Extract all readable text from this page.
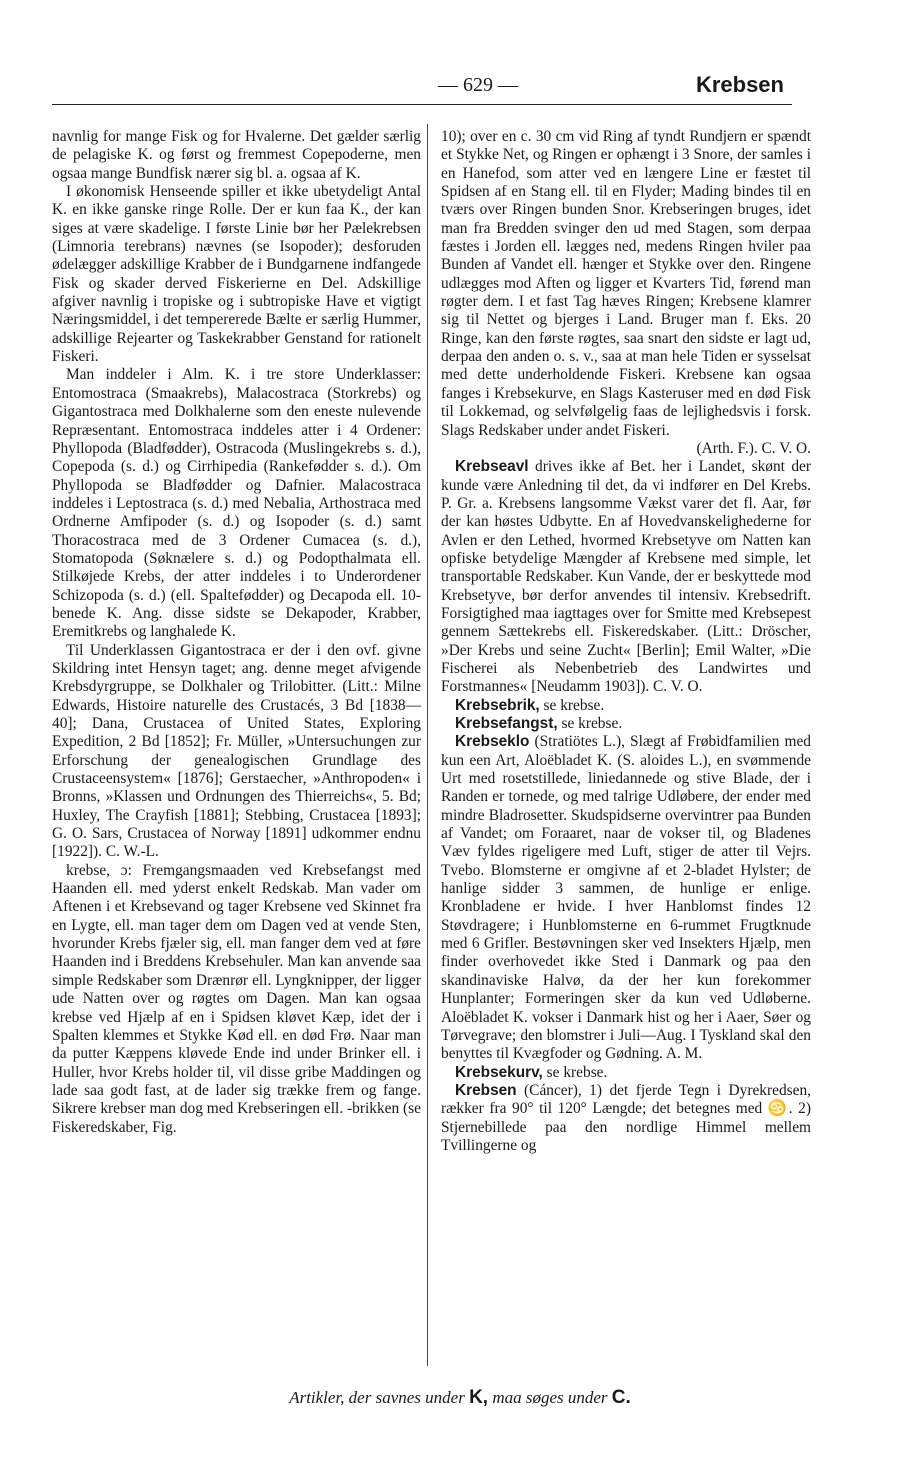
— 629 —	Krebsen

navnlig for mange Fisk og for Hvalerne. Det gælder særlig de pelagiske K. og først og fremmest Copepoderne, men ogsaa mange Bundfisk nærer sig bl. a. ogsaa af K.

I økonomisk Henseende spiller et ikke ubetydeligt Antal K. en ikke ganske ringe Rolle. Der er kun faa K., der kan siges at være skadelige. I første Linie bør her Pælekrebsen (Limnoria terebrans) nævnes (se Isopoder); desforuden ødelægger adskillige Krabber de i Bundgarnene indfangede Fisk og skader derved Fiskerierne en Del. Adskillige afgiver navnlig i tropiske og i subtropiske Have et vigtigt Næringsmiddel, i det tempererede Bælte er særlig Hummer, adskillige Rejearter og Taskekrabber Genstand for rationelt Fiskeri.

Man inddeler i Alm. K. i tre store Underklasser: Entomostraca (Smaakrebs), Malacostraca (Storkrebs) og Gigantostraca med Dolkhalerne som den eneste nulevende Repræsentant. Entomostraca inddeles atter i 4 Ordener: Phyllopoda (Bladfødder), Ostracoda (Muslingekrebs s. d.), Copepoda (s. d.) og Cirrhipedia (Rankefødder s. d.). Om Phyllopoda se Bladfødder og Dafnier. Malacostraca inddeles i Leptostraca (s. d.) med Nebalia, Arthostraca med Ordnerne Amfipoder (s. d.) og Isopoder (s. d.) samt Thoracostraca med de 3 Ordener Cumacea (s. d.), Stomatopoda (Søknælere s. d.) og Podopthalmata ell. Stilkøjede Krebs, der atter inddeles i to Underordener Schizopoda (s. d.) (ell. Spaltefødder) og Decapoda ell. 10-benede K. Ang. disse sidste se Dekapoder, Krabber, Eremitkrebs og langhalede K.

Til Underklassen Gigantostraca er der i den ovf. givne Skildring intet Hensyn taget; ang. denne meget afvigende Krebsdyrgruppe, se Dolkhaler og Trilobitter. (Litt.: Milne Edwards, Histoire naturelle des Crustacés, 3 Bd [1838—40]; Dana, Crustacea of United States, Exploring Expedition, 2 Bd [1852]; Fr. Müller, »Untersuchungen zur Erforschung der genealogischen Grundlage des Crustaceensystem« [1876]; Gerstaecher, »Anthropoden« i Bronns, »Klassen und Ordnungen des Thierreichs«, 5. Bd; Huxley, The Crayfish [1881]; Stebbing, Crustacea [1893]; G. O. Sars, Crustacea of Norway [1891] udkommer endnu [1922]). C. W.-L.

krebse, ɔ: Fremgangsmaaden ved Krebsefangst med Haanden ell. med yderst enkelt Redskab. Man vader om Aftenen i et Krebsevand og tager Krebsene ved Skinnet fra en Lygte, ell. man tager dem om Dagen ved at vende Sten, hvorunder Krebs fjæler sig, ell. man fanger dem ved at føre Haanden ind i Breddens Krebsehuler. Man kan anvende saa simple Redskaber som Drænrør ell. Lyngknipper, der ligger ude Natten over og røgtes om Dagen. Man kan ogsaa krebse ved Hjælp af en i Spidsen kløvet Kæp, idet der i Spalten klemmes et Stykke Kød ell. en død Frø. Naar man da putter Kæppens kløvede Ende ind under Brinker ell. i Huller, hvor Krebs holder til, vil disse gribe Maddingen og lade saa godt fast, at de lader sig trække frem og fange. Sikrere krebser man dog med Krebseringen ell. -brikken (se Fiskeredskaber, Fig.

10); over en c. 30 cm vid Ring af tyndt Rundjern er spændt et Stykke Net, og Ringen er ophængt i 3 Snore, der samles i en Hanefod, som atter ved en længere Line er fæstet til Spidsen af en Stang ell. til en Flyder; Mading bindes til en tværs over Ringen bunden Snor. Krebseringen bruges, idet man fra Bredden svinger den ud med Stagen, som derpaa fæstes i Jorden ell. lægges ned, medens Ringen hviler paa Bunden af Vandet ell. hænger et Stykke over den. Ringene udlægges mod Aften og ligger et Kvarters Tid, førend man røgter dem. I et fast Tag hæves Ringen; Krebsene klamrer sig til Nettet og bjerges i Land. Bruger man f. Eks. 20 Ringe, kan den første røgtes, saa snart den sidste er lagt ud, derpaa den anden o. s. v., saa at man hele Tiden er sysselsat med dette underholdende Fiskeri. Krebsene kan ogsaa fanges i Krebsekurve, en Slags Kasteruser med en død Fisk til Lokkemad, og selvfølgelig faas de lejlighedsvis i forsk. Slags Redskaber under andet Fiskeri.

(Arth. F.). C. V. O.

Krebseavl drives ikke af Bet. her i Landet, skønt der kunde være Anledning til det, da vi indfører en Del Krebs. P. Gr. a. Krebsens langsomme Vækst varer det fl. Aar, før der kan høstes Udbytte. En af Hovedvanskelighederne for Avlen er den Lethed, hvormed Krebsetyve om Natten kan opfiske betydelige Mængder af Krebsene med simple, let transportable Redskaber. Kun Vande, der er beskyttede mod Krebsetyve, bør derfor anvendes til intensiv. Krebsedrift. Forsigtighed maa iagttages over for Smitte med Krebsepest gennem Sættekrebs ell. Fiskeredskaber. (Litt.: Dröscher, »Der Krebs und seine Zucht« [Berlin]; Emil Walter, »Die Fischerei als Nebenbetrieb des Landwirtes und Forstmannes« [Neudamm 1903]). C. V. O.

Krebsebrik, se krebse.

Krebsefangst, se krebse.

Krebseklo (Stratiötes L.), Slægt af Frøbidfamilien med kun een Art, Aloëbladet K. (S. aloides L.), en svømmende Urt med rosetstillede, liniedannede og stive Blade, der i Randen er tornede, og med talrige Udløbere, der ender med mindre Bladrosetter. Skudspidserne overvintrer paa Bunden af Vandet; om Foraaret, naar de vokser til, og Bladenes Væv fyldes rigeligere med Luft, stiger de atter til Vejrs. Tvebo. Blomsterne er omgivne af et 2-bladet Hylster; de hanlige sidder 3 sammen, de hunlige er enlige. Kronbladene er hvide. I hver Hanblomst findes 12 Støvdragere; i Hunblomsterne en 6-rummet Frugtknude med 6 Grifler. Bestøvningen sker ved Insekters Hjælp, men finder overhovedet ikke Sted i Danmark og paa den skandinaviske Halvø, da der her kun forekommer Hunplanter; Formeringen sker da kun ved Udløberne. Aloëbladet K. vokser i Danmark hist og her i Aaer, Søer og Tørvegrave; den blomstrer i Juli—Aug. I Tyskland skal den benyttes til Kvægfoder og Gødning. A. M.

Krebsekurv, se krebse.

Krebsen (Cáncer), 1) det fjerde Tegn i Dyrekredsen, rækker fra 90° til 120° Længde; det betegnes med ♋. 2) Stjernebillede paa den nordlige Himmel mellem Tvillingerne og

Artikler, der savnes under K, maa søges under C.
